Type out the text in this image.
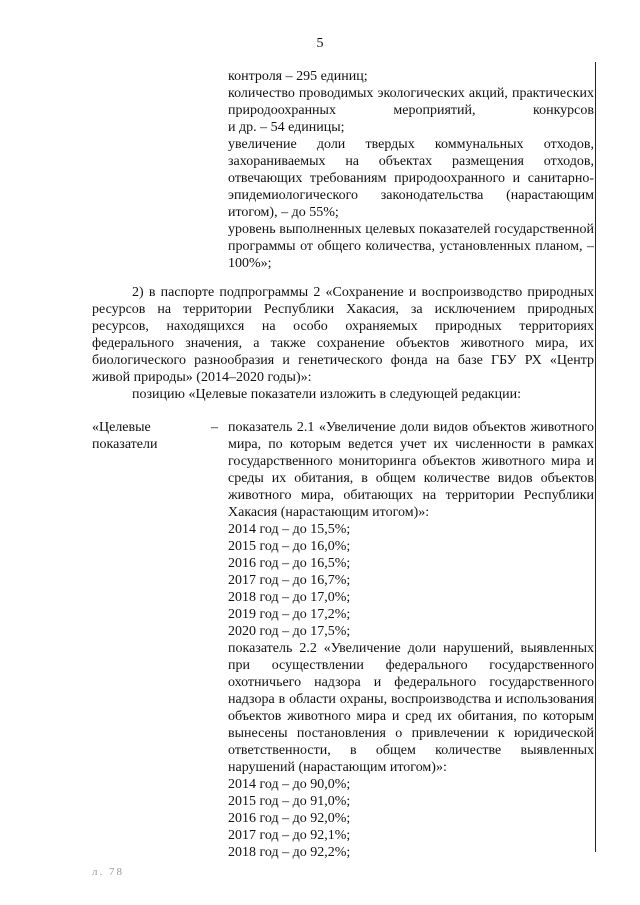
5
контроля – 295 единиц;
количество проводимых экологических акций, практических
природоохранных мероприятий, конкурсов
и др. – 54 единицы;
увеличение доли твердых коммунальных отходов,
захораниваемых на объектах размещения отходов,
отвечающих требованиям природоохранного и санитарно-
эпидемиологического законодательства (нарастающим
итогом), – до 55%;
уровень выполненных целевых показателей государственной
программы от общего количества, установленных планом, –
100%»;
2) в паспорте подпрограммы 2 «Сохранение и воспроизводство природных
ресурсов на территории Республики Хакасия, за исключением природных
ресурсов, находящихся на особо охраняемых природных территориях
федерального значения, а также сохранение объектов животного мира, их
биологического разнообразия и генетического фонда на базе ГБУ РХ «Центр
живой природы» (2014–2020 годы)»:
позицию «Целевые показатели изложить в следующей редакции:
«Целевые
показатели
– показатель 2.1 «Увеличение доли видов объектов животного
мира, по которым ведется учет их численности в рамках
государственного мониторинга объектов животного мира и
среды их обитания, в общем количестве видов объектов
животного мира, обитающих на территории Республики
Хакасия (нарастающим итогом)»:
2014 год – до 15,5%;
2015 год – до 16,0%;
2016 год – до 16,5%;
2017 год – до 16,7%;
2018 год – до 17,0%;
2019 год – до 17,2%;
2020 год – до 17,5%;
показатель 2.2 «Увеличение доли нарушений, выявленных
при осуществлении федерального государственного
охотничьего надзора и федерального государственного
надзора в области охраны, воспроизводства и использования
объектов животного мира и сред их обитания, по которым
вынесены постановления о привлечении к юридической
ответственности, в общем количестве выявленных
нарушений (нарастающим итогом)»:
2014 год – до 90,0%;
2015 год – до 91,0%;
2016 год – до 92,0%;
2017 год – до 92,1%;
2018 год – до 92,2%;
л. 78
